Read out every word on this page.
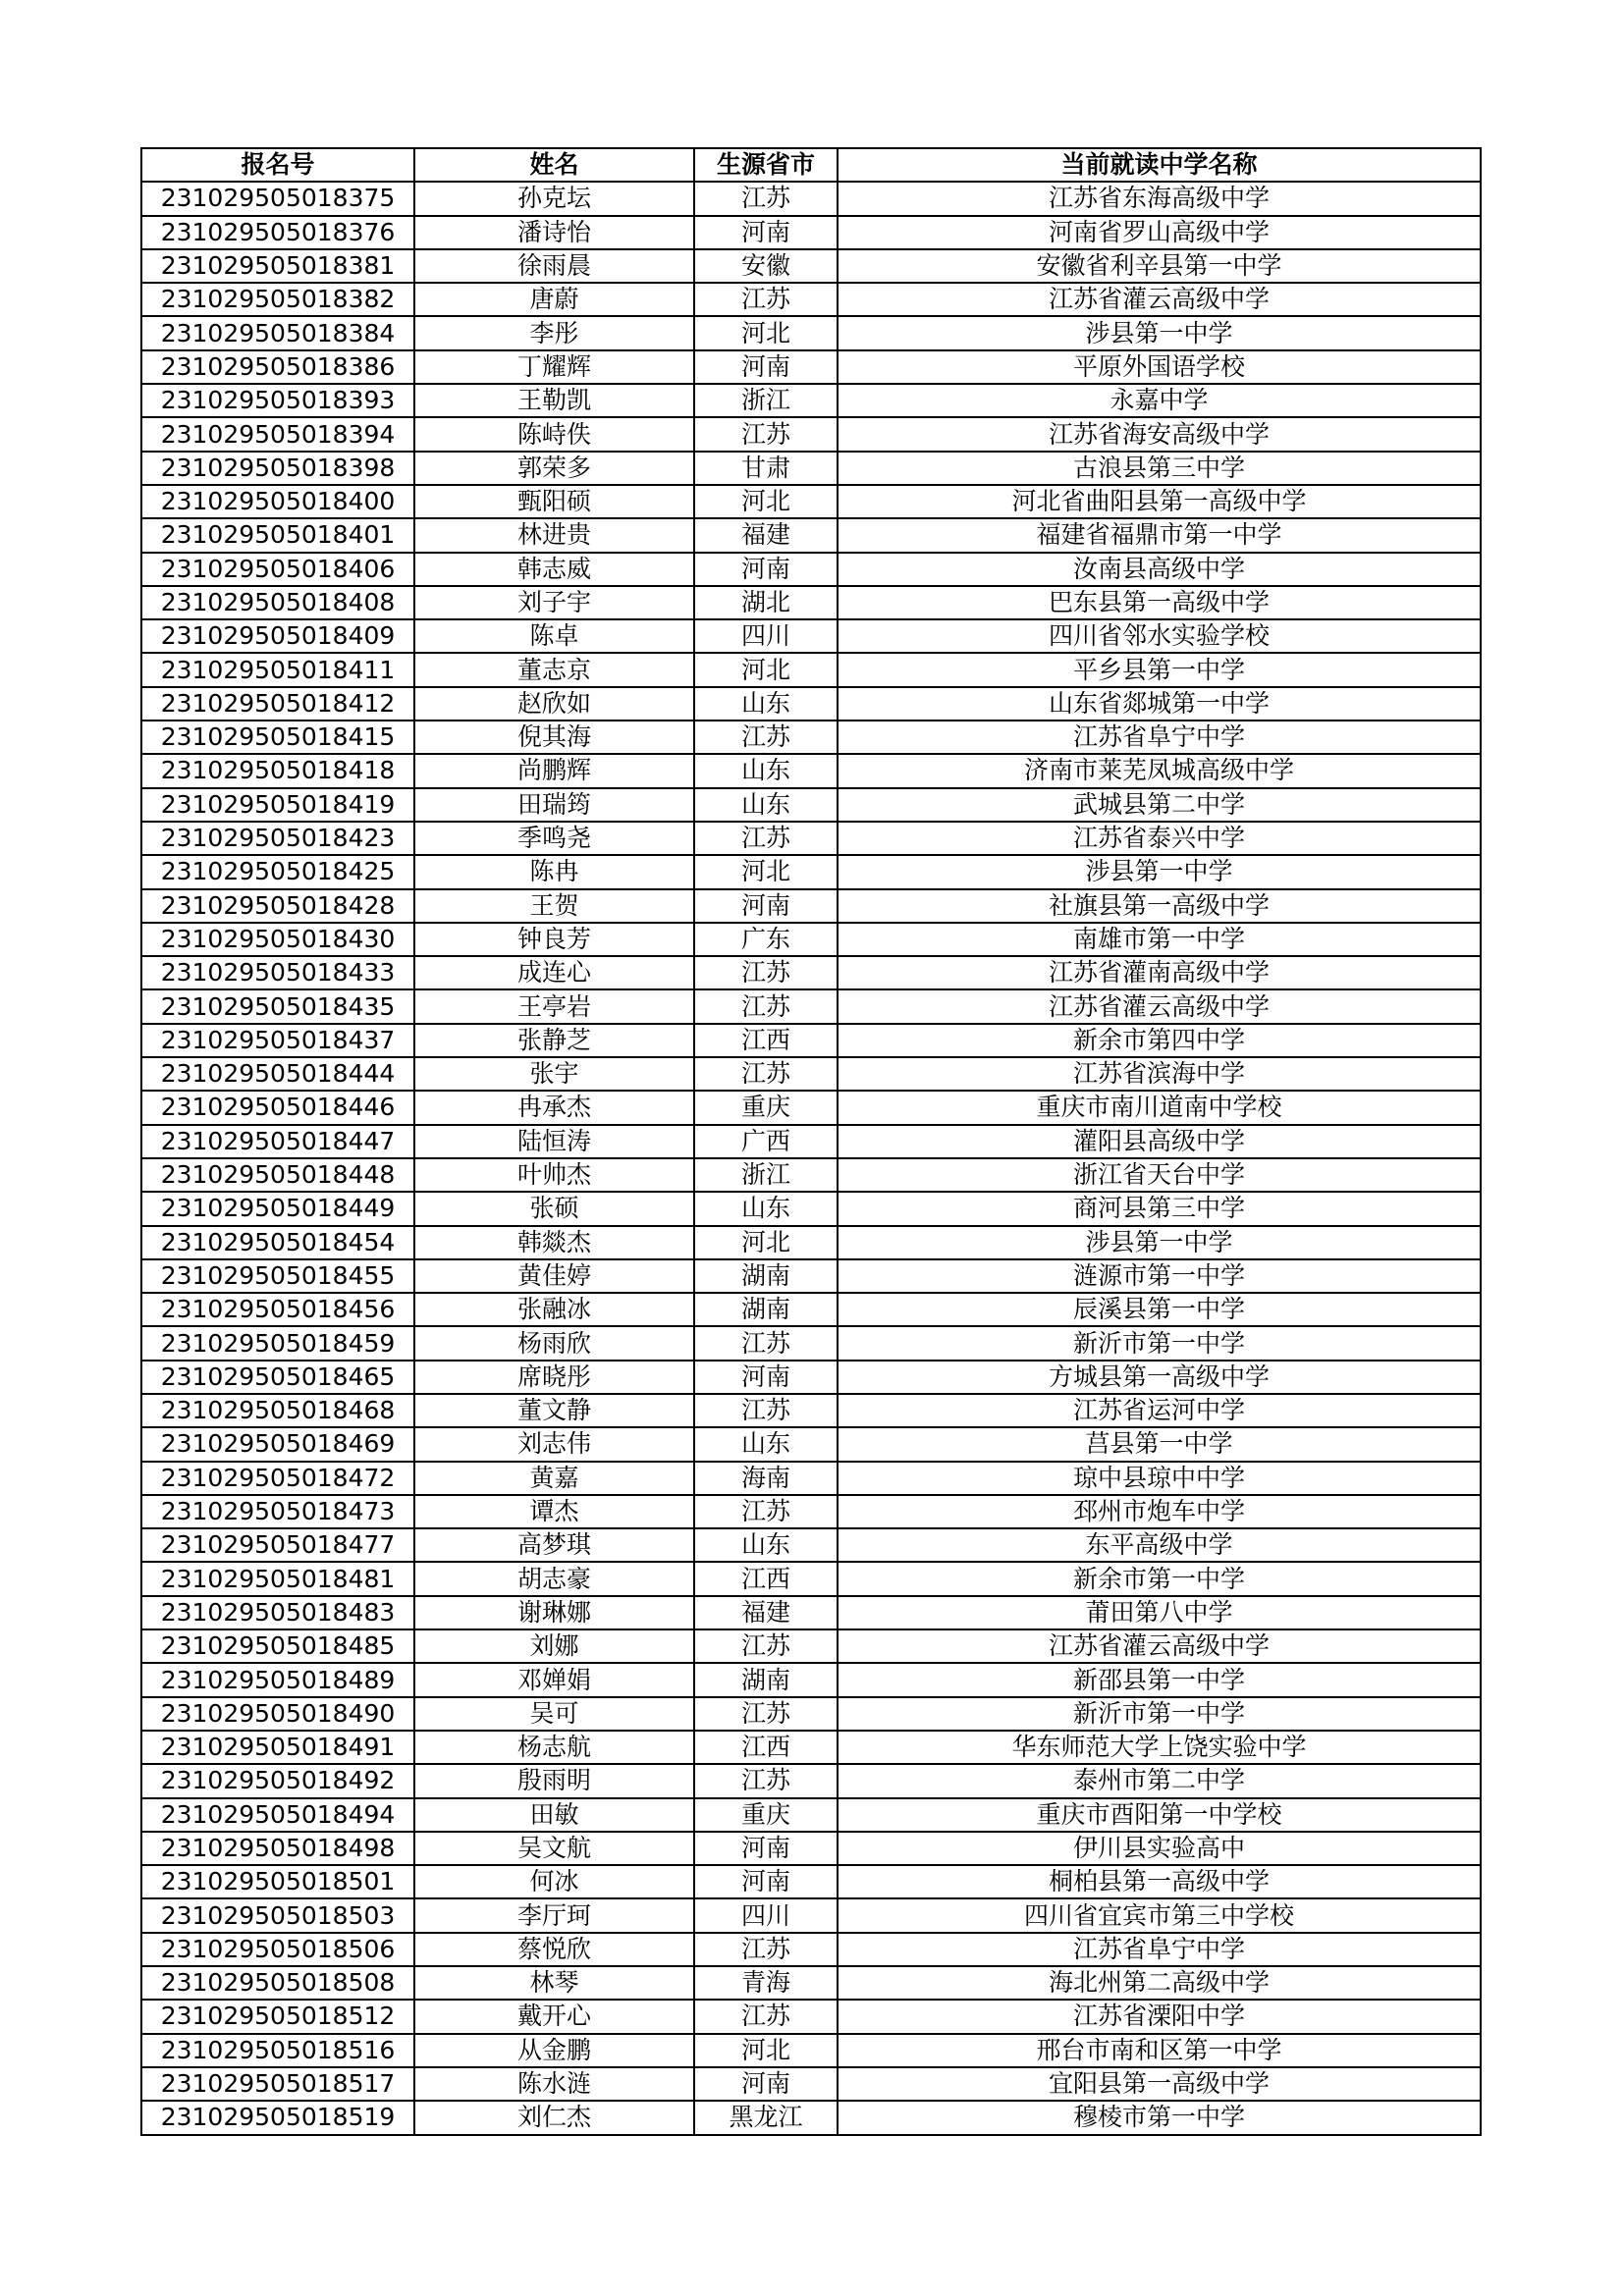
报名号	姓名	生源省市	当前就读中学名称
231029505018375	孙克坛	江苏	江苏省东海高级中学
231029505018376	潘诗怡	河南	河南省罗山高级中学
231029505018381	徐雨晨	安徽	安徽省利辛县第一中学
231029505018382	唐蔚	江苏	江苏省灌云高级中学
231029505018384	李彤	河北	涉县第一中学
231029505018386	丁耀辉	河南	平原外国语学校
231029505018393	王勒凯	浙江	永嘉中学
231029505018394	陈峙佚	江苏	江苏省海安高级中学
231029505018398	郭荣多	甘肃	古浪县第三中学
231029505018400	甄阳硕	河北	河北省曲阳县第一高级中学
231029505018401	林进贵	福建	福建省福鼎市第一中学
231029505018406	韩志威	河南	汝南县高级中学
231029505018408	刘子宇	湖北	巴东县第一高级中学
231029505018409	陈卓	四川	四川省邻水实验学校
231029505018411	董志京	河北	平乡县第一中学
231029505018412	赵欣如	山东	山东省郯城第一中学
231029505018415	倪其海	江苏	江苏省阜宁中学
231029505018418	尚鹏辉	山东	济南市莱芜凤城高级中学
231029505018419	田瑞筠	山东	武城县第二中学
231029505018423	季鸣尧	江苏	江苏省泰兴中学
231029505018425	陈冉	河北	涉县第一中学
231029505018428	王贺	河南	社旗县第一高级中学
231029505018430	钟良芳	广东	南雄市第一中学
231029505018433	成连心	江苏	江苏省灌南高级中学
231029505018435	王亭岩	江苏	江苏省灌云高级中学
231029505018437	张静芝	江西	新余市第四中学
231029505018444	张宇	江苏	江苏省滨海中学
231029505018446	冉承杰	重庆	重庆市南川道南中学校
231029505018447	陆恒涛	广西	灌阳县高级中学
231029505018448	叶帅杰	浙江	浙江省天台中学
231029505018449	张硕	山东	商河县第三中学
231029505018454	韩燚杰	河北	涉县第一中学
231029505018455	黄佳婷	湖南	涟源市第一中学
231029505018456	张融冰	湖南	辰溪县第一中学
231029505018459	杨雨欣	江苏	新沂市第一中学
231029505018465	席晓彤	河南	方城县第一高级中学
231029505018468	董文静	江苏	江苏省运河中学
231029505018469	刘志伟	山东	莒县第一中学
231029505018472	黄嘉	海南	琼中县琼中中学
231029505018473	谭杰	江苏	邳州市炮车中学
231029505018477	高梦琪	山东	东平高级中学
231029505018481	胡志豪	江西	新余市第一中学
231029505018483	谢琳娜	福建	莆田第八中学
231029505018485	刘娜	江苏	江苏省灌云高级中学
231029505018489	邓婵娟	湖南	新邵县第一中学
231029505018490	吴可	江苏	新沂市第一中学
231029505018491	杨志航	江西	华东师范大学上饶实验中学
231029505018492	殷雨明	江苏	泰州市第二中学
231029505018494	田敏	重庆	重庆市酉阳第一中学校
231029505018498	吴文航	河南	伊川县实验高中
231029505018501	何冰	河南	桐柏县第一高级中学
231029505018503	李厅珂	四川	四川省宜宾市第三中学校
231029505018506	蔡悦欣	江苏	江苏省阜宁中学
231029505018508	林琴	青海	海北州第二高级中学
231029505018512	戴开心	江苏	江苏省溧阳中学
231029505018516	从金鹏	河北	邢台市南和区第一中学
231029505018517	陈水涟	河南	宜阳县第一高级中学
231029505018519	刘仁杰	黑龙江	穆棱市第一中学
